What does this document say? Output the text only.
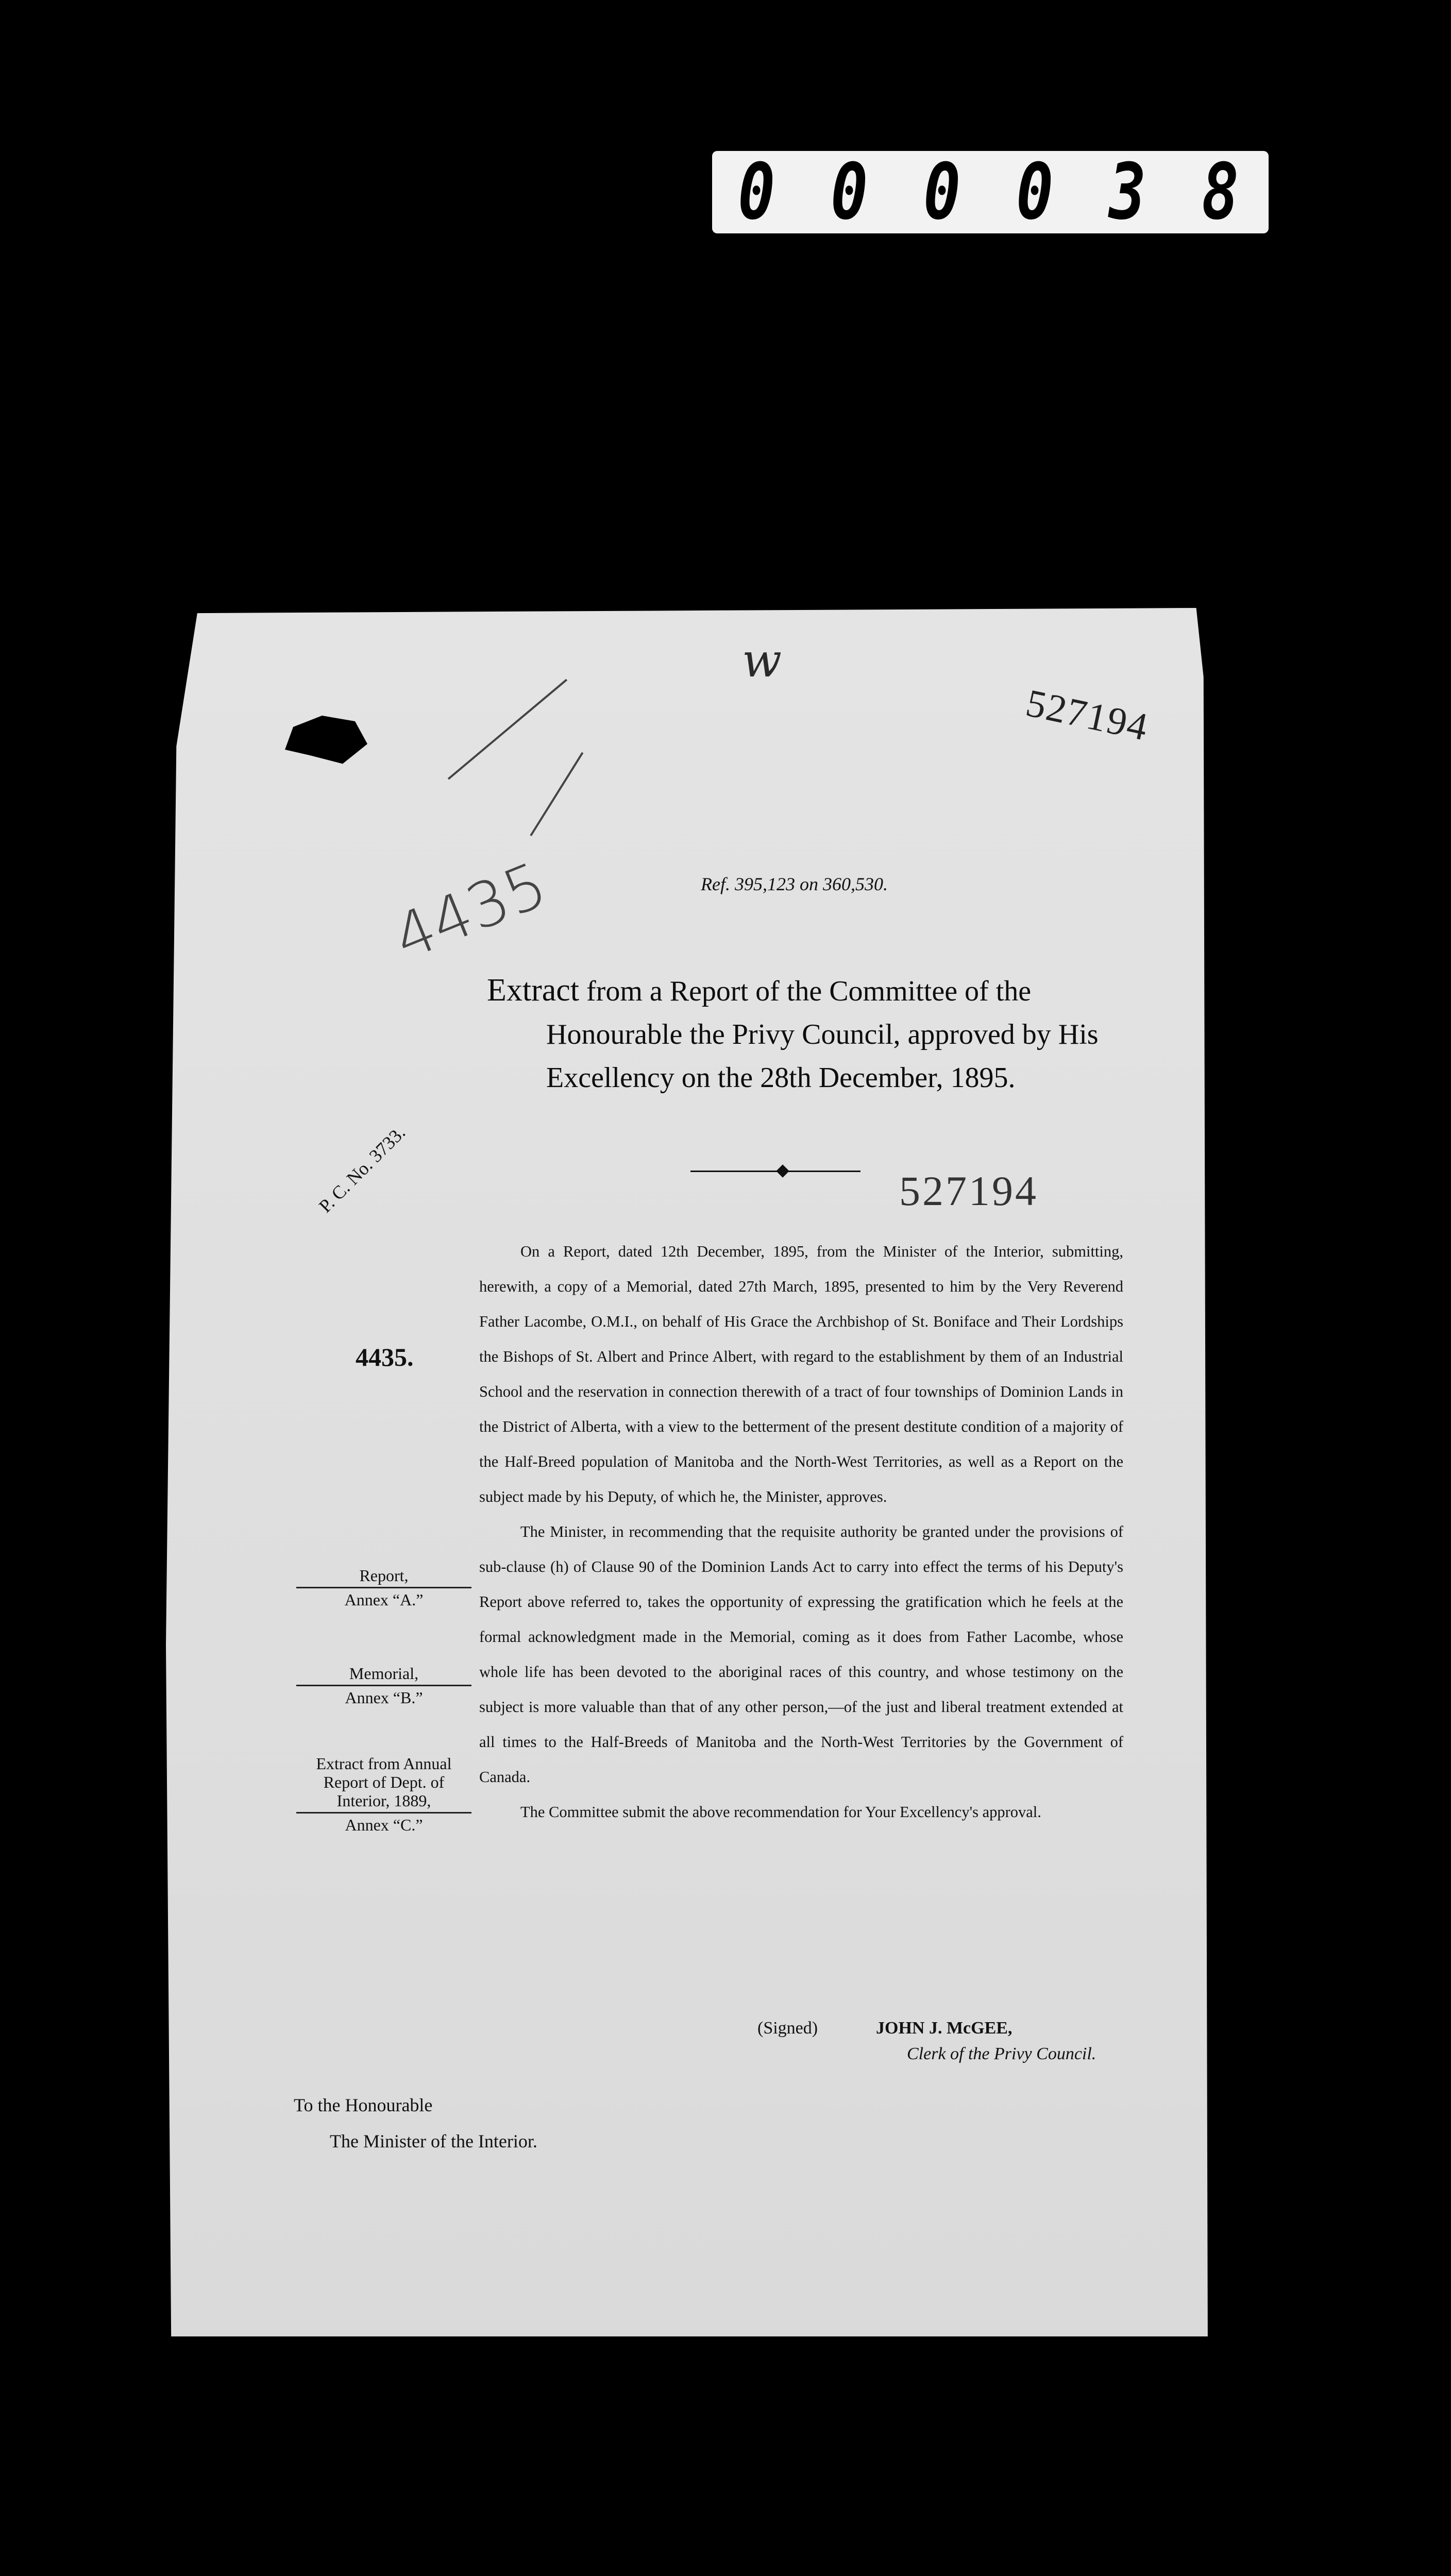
0 0 0 0 3 8
w
527194
4435	Ref. 395,123 on 360,530.
Extract from a Report of the Committee of the
Honourable the Privy Council, approved by His
Excellency on the 28th December, 1895.
P. C. No. 3733.
4435.
527194

On a Report, dated 12th December, 1895, from the Minister of the Interior, submitting, herewith, a copy of a Memorial, dated 27th March, 1895, presented to him by the Very Reverend Father Lacombe, O.M.I., on behalf of His Grace the Archbishop of St. Boniface and Their Lordships the Bishops of St. Albert and Prince Albert, with regard to the establishment by them of an Industrial School and the reservation in connection therewith of a tract of four townships of Dominion Lands in the District of Alberta, with a view to the betterment of the present destitute condition of a majority of the Half-Breed population of Manitoba and the North-West Territories, as well as a Report on the subject made by his Deputy, of which he, the Minister, approves.

The Minister, in recommending that the requisite authority be granted under the provisions of sub-clause (h) of Clause 90 of the Dominion Lands Act to carry into effect the terms of his Deputy's Report above referred to, takes the opportunity of expressing the gratification which he feels at the formal acknowledgment made in the Memorial, coming as it does from Father Lacombe, whose whole life has been devoted to the aboriginal races of this country, and whose testimony on the subject is more valuable than that of any other person,—of the just and liberal treatment extended at all times to the Half-Breeds of Manitoba and the North-West Territories by the Government of Canada.

The Committee submit the above recommendation for Your Excellency's approval.

Report,
Annex “A.”
Memorial,
Annex “B.”
Extract from Annual Report of Dept. of Interior, 1889,
Annex “C.”
(Signed)	JOHN J. McGEE,
Clerk of the Privy Council.
To the Honourable
The Minister of the Interior.
